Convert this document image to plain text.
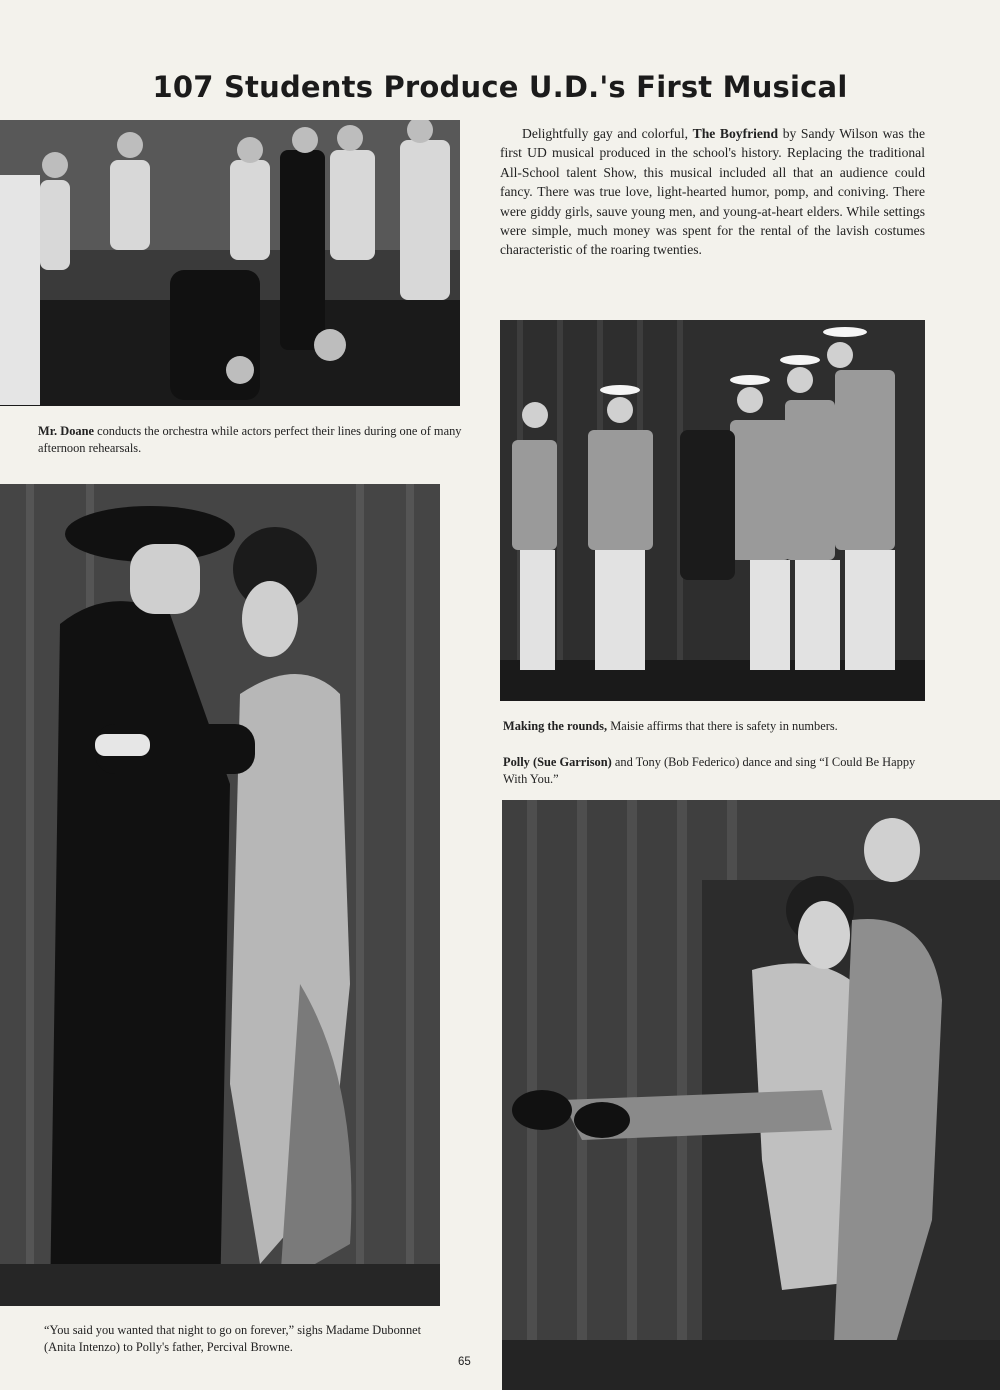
107 Students Produce U.D.'s First Musical

Mr. Doane conducts the orchestra while actors perfect their lines during one of many afternoon rehearsals.

Delightfully gay and colorful, The Boyfriend by Sandy Wilson was the first UD musical produced in the school's history. Replacing the traditional All-School talent Show, this musical included all that an audience could fancy. There was true love, light-hearted humor, pomp, and coniving. There were giddy girls, sauve young men, and young-at-heart elders. While settings were simple, much money was spent for the rental of the lavish costumes characteristic of the roaring twenties.

Making the rounds, Maisie affirms that there is safety in numbers.

Polly (Sue Garrison) and Tony (Bob Federico) dance and sing “I Could Be Happy With You.”

“You said you wanted that night to go on forever,” sighs Madame Dubonnet (Anita Intenzo) to Polly's father, Percival Browne.

65
